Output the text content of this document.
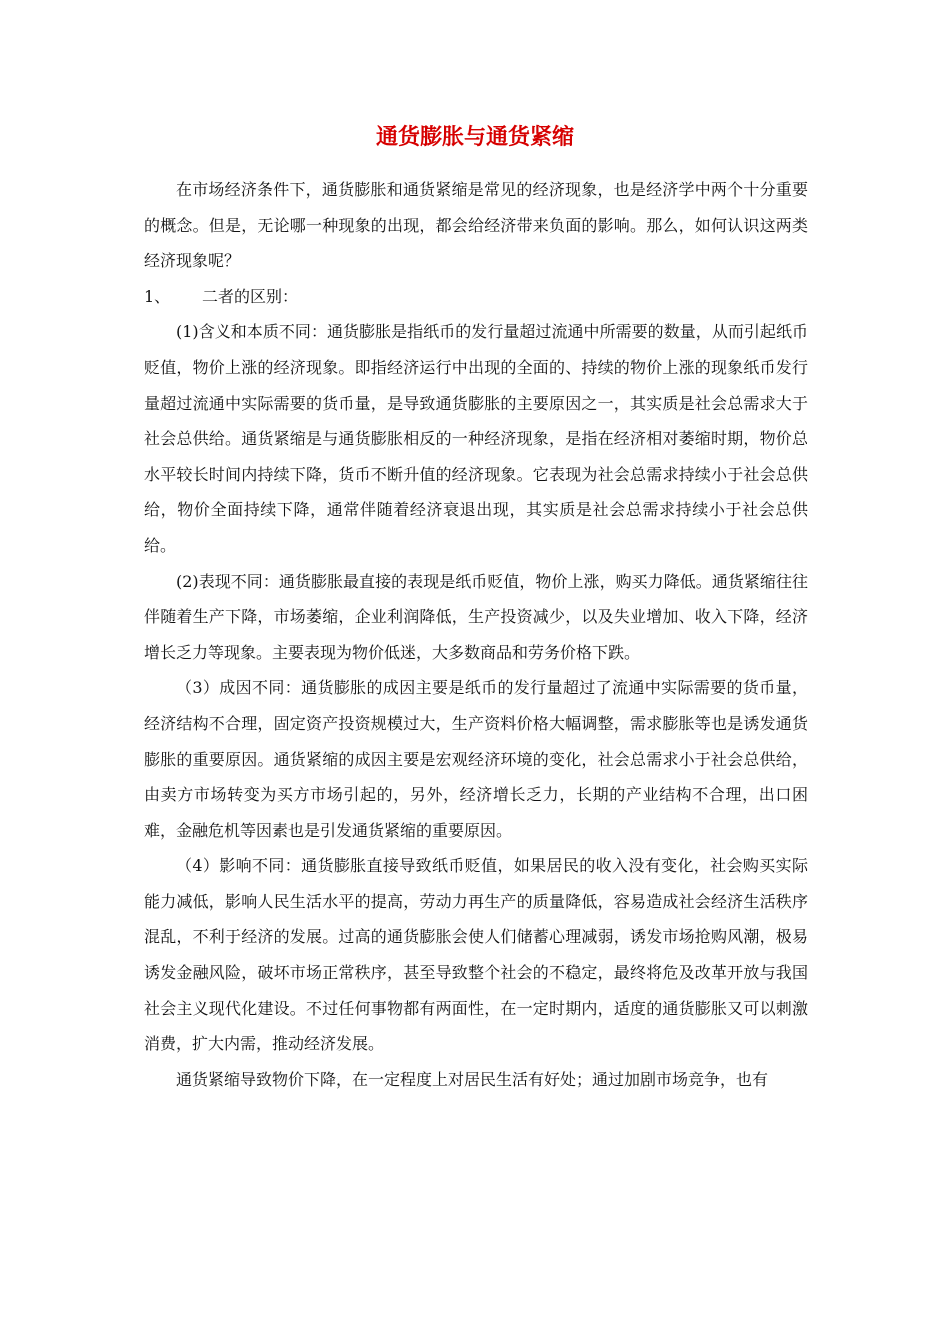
通货膨胀与通货紧缩

在市场经济条件下，通货膨胀和通货紧缩是常见的经济现象，也是经济学中两个十分重要的概念。但是，无论哪一种现象的出现，都会给经济带来负面的影响。那么，如何认识这两类经济现象呢？

1、	二者的区别：

(1)含义和本质不同：通货膨胀是指纸币的发行量超过流通中所需要的数量，从而引起纸币贬值，物价上涨的经济现象。即指经济运行中出现的全面的、持续的物价上涨的现象纸币发行量超过流通中实际需要的货币量，是导致通货膨胀的主要原因之一，其实质是社会总需求大于社会总供给。通货紧缩是与通货膨胀相反的一种经济现象，是指在经济相对萎缩时期，物价总水平较长时间内持续下降，货币不断升值的经济现象。它表现为社会总需求持续小于社会总供给，物价全面持续下降，通常伴随着经济衰退出现，其实质是社会总需求持续小于社会总供给。

(2)表现不同：通货膨胀最直接的表现是纸币贬值，物价上涨，购买力降低。通货紧缩往往伴随着生产下降，市场萎缩，企业利润降低，生产投资减少，以及失业增加、收入下降，经济增长乏力等现象。主要表现为物价低迷，大多数商品和劳务价格下跌。

（3）成因不同：通货膨胀的成因主要是纸币的发行量超过了流通中实际需要的货币量，经济结构不合理，固定资产投资规模过大，生产资料价格大幅调整，需求膨胀等也是诱发通货膨胀的重要原因。通货紧缩的成因主要是宏观经济环境的变化，社会总需求小于社会总供给，由卖方市场转变为买方市场引起的，另外，经济增长乏力，长期的产业结构不合理，出口困难，金融危机等因素也是引发通货紧缩的重要原因。

（4）影响不同：通货膨胀直接导致纸币贬值，如果居民的收入没有变化，社会购买实际能力减低，影响人民生活水平的提高，劳动力再生产的质量降低，容易造成社会经济生活秩序混乱，不利于经济的发展。过高的通货膨胀会使人们储蓄心理减弱，诱发市场抢购风潮，极易诱发金融风险，破坏市场正常秩序，甚至导致整个社会的不稳定，最终将危及改革开放与我国社会主义现代化建设。不过任何事物都有两面性，在一定时期内，适度的通货膨胀又可以刺激消费，扩大内需，推动经济发展。

通货紧缩导致物价下降，在一定程度上对居民生活有好处；通过加剧市场竞争，也有
